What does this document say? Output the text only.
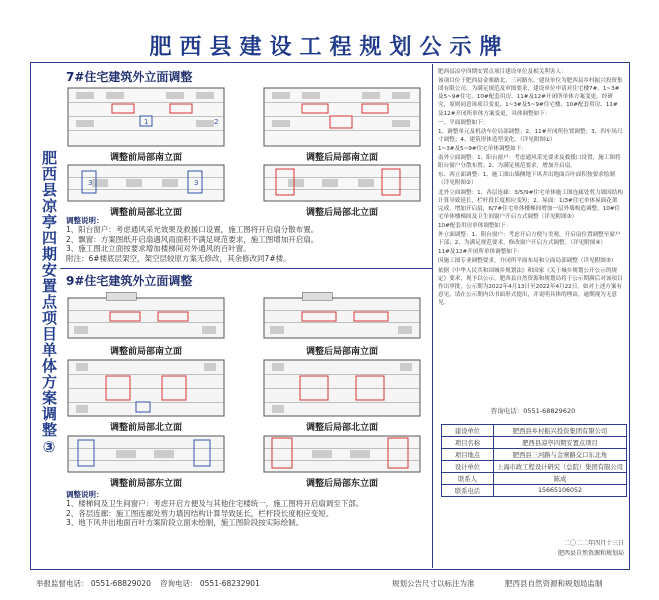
肥西县建设工程规划公示牌
肥西县凉亭四期安置点项目单体方案调整③
7#住宅建筑外立面调整
1	2
调整前局部南立面	调整后局部南立面
3	3
调整前局部北立面	调整后局部北立面
调整说明：
1、阳台窗户：考虑通风采光效果及救援口设置，施工图将开启扇分散布置。
2、飘窗：方案图纸开启扇遇风雨面积不满足规范要求，施工图增加开启扇。
3、施工图北立面按要求增加楼梯间对外通风的百叶窗。
附注：6#楼底层架空，架空层较原方案无修改，其余修改同7#楼。
9#住宅建筑外立面调整
调整前局部南立面	调整后局部南立面
调整前局部北立面	调整后局部北立面
调整前局部东立面	调整后局部东立面
调整说明：
1、楼梯间及卫生间窗户：考虑开启方便及与其他住宅楼统一，施工图将开启扇调至下部。
2、各层连廊：施工图连廊处剪力墙因结构计算导致延长，栏杆段长度相应变短。
3、地下风井出地面百叶方案阶段立面未绘制，施工图阶段按实际绘制。

肥西县凉亭四期安置点项目建设单位及相关利害人：

该项目位于肥西县金寨路北、三河路东。建设单位为肥西县乡村振兴投资集团有限公司，为满足规范及审图要求，建设单位申请对住宅楼7#、1~3#及5~9#住宅、10#配套用房、11#及12#开闭所单体方案变更。经研究，原则同意该项目变更，1~3#及5~9#住宅楼，10#配套用房、11#及12#开闭所单体方案变更，具体调整如下：

一、平面调整如下：

1、调整单元及机动车位局部调整；2、11#开闭所位置调整；3、四车场尺寸调整；4、建筑形体造型变化。（详见附图①）

1~3#及5~9#住宅单体调整如下：

南外立面调整：1、阳台窗户：考虑通风采光要求及救援口设置，施工图将阳台窗户分散布置；2、为满足规范要求，增加开启扇。

东、西立面调整：1、施工图山墙侧地下风井出地面百叶面积按要求绘制（详见附图②）

北外立面调整：1、各层连廊：3/5/9#住宅单体施工图连廊处剪力墙因结构计算导致延长，栏杆段长度相应变短；2、屋面：1/3#住宅单体屋面花架完成，增加开启扇，6/7#住宅单体楼梯间增加一层外墙构造调整，10#住宅单体楼梯间及卫生间窗户开启方式调整（详见附图③）

10#配套用房单体调整如下：

外立面调整：1、阳台窗户：考虑开启方便与美观，开启扇位置调整至窗户下部；2、为满足规范要求，修改窗户开启方式调整。（详见附图④）

11#及12#开闭所单体调整如下：

因施工图专业调整要求，开闭所平面布局和立面局部调整（详见附图⑤）

依据《中华人民共和国城乡规划法》和国家《关于城乡规划公开公示的规定》要求，现予以公示，肥西县自然资源和规划局将于公示期满后对该项目作出审批，公示期为2022年4月13日至2022年4月22日。如对上述方案有意见，请在公示期内以书面形式提出，并说明具体的理由，逾期视为无意见。

咨询电话：0551-68829620
建设单位	肥西县乡村振兴投资集团有限公司
项目名称	肥西县凉亭四期安置点项目
项目地点	肥西县三河路与金寨路交口东北角
设计单位	上海市政工程设计研究（总院）集团有限公司
联系人	陈成
联系电话	15665106052
二〇二二年四月十三日
肥西县自然资源和规划局
举报监督电话： 0551-68829020 咨询电话： 0551-68232901	规划公告尺寸以标注为准	肥西县自然资源和规划局监制
